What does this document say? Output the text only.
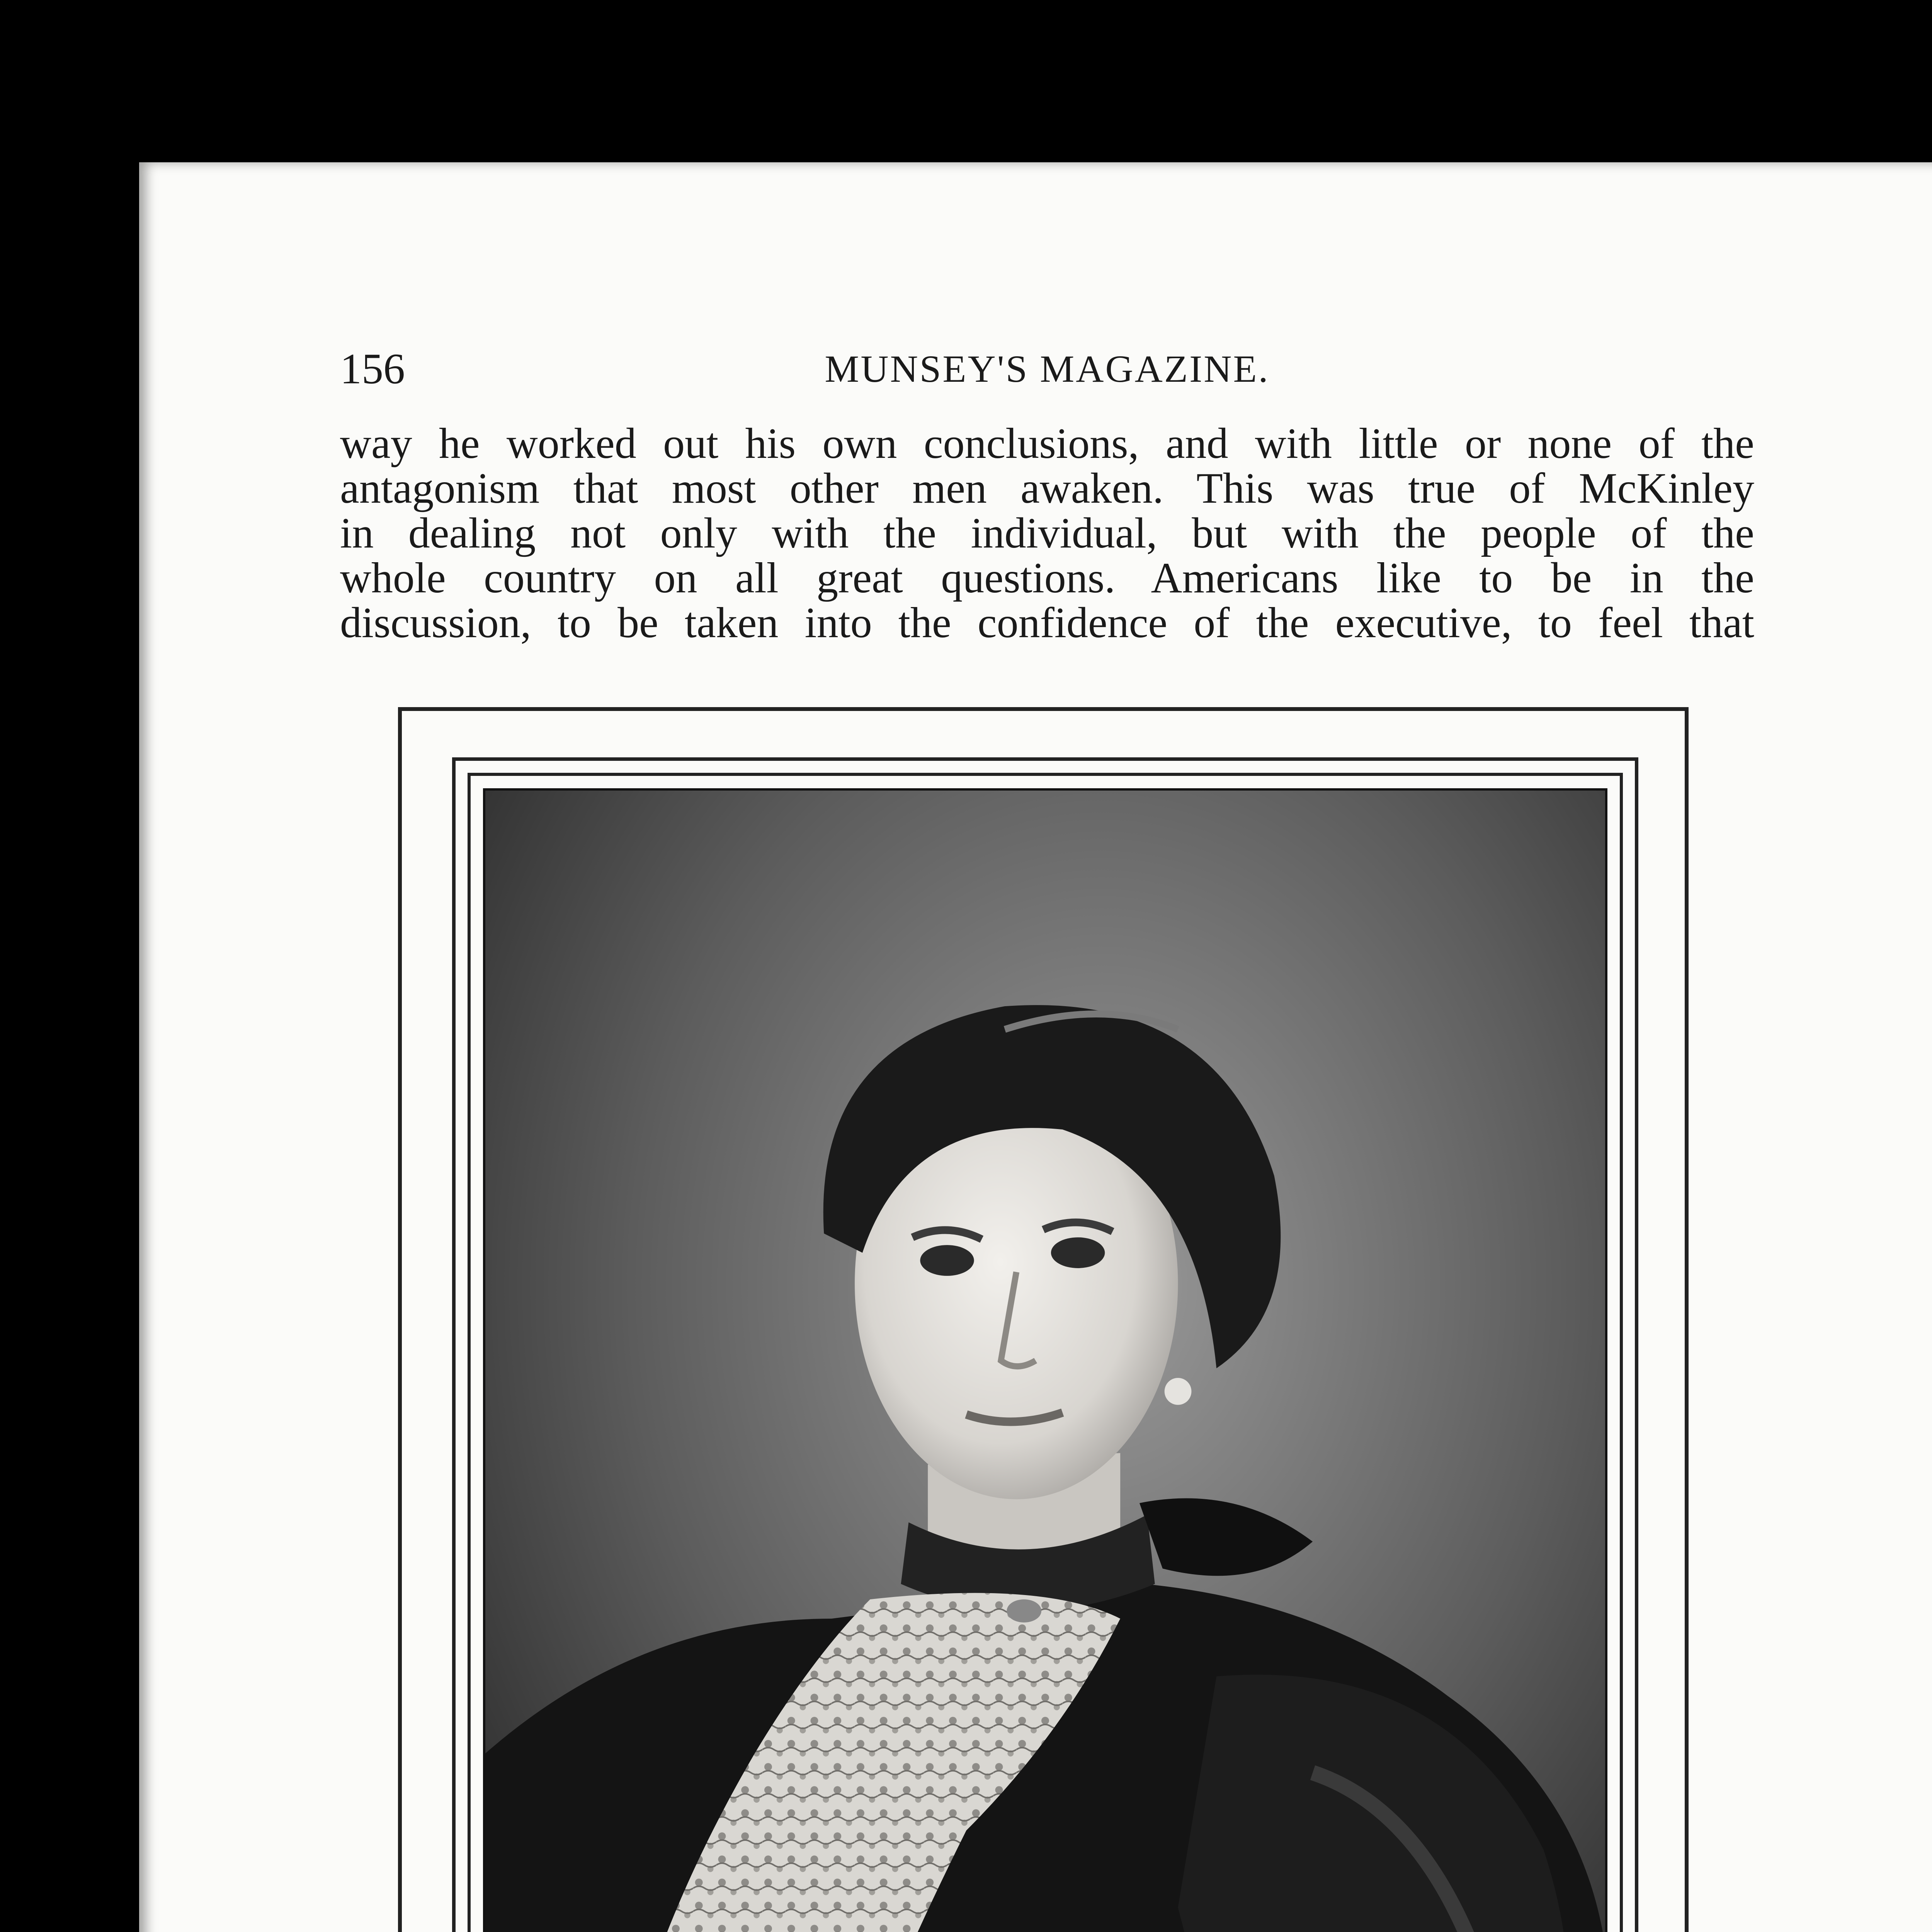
156	MUNSEY'S MAGAZINE.

way he worked out his own conclusions, and with little or none of the
antagonism that most other men awaken. This was true of McKinley
in dealing not only with the individual, but with the people of the
whole country on all great questions. Americans like to be in the
discussion, to be taken into the confidence of the executive, to feel that
